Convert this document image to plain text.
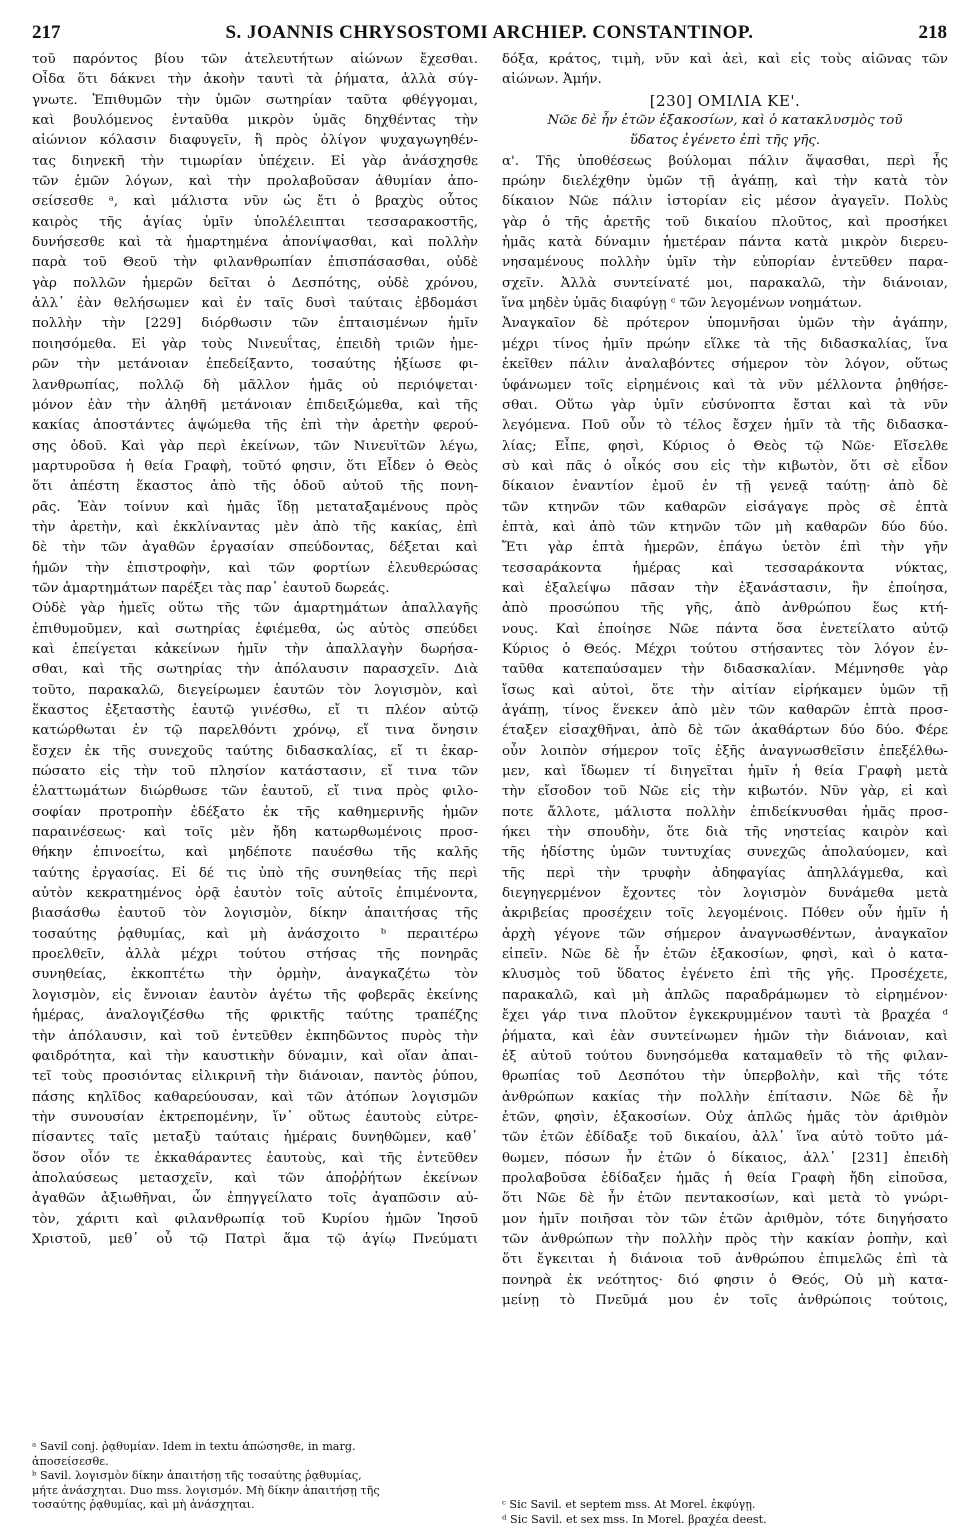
217	S. JOANNIS CHRYSOSTOMI ARCHIEP. CONSTANTINOP.	218

τοῦ παρόντος βίου τῶν ἀτελευτήτων αἰώνων ἔχεσθαι.

Οἶδα ὅτι δάκνει τὴν ἀκοὴν ταυτὶ τὰ ῥήματα, ἀλλὰ σύγ-

γνωτε. Ἐπιθυμῶν τὴν ὑμῶν σωτηρίαν ταῦτα φθέγγομαι,

καὶ βουλόμενος ἐνταῦθα μικρὸν ὑμᾶς δηχθέντας τὴν

αἰώνιον κόλασιν διαφυγεῖν, ἢ πρὸς ὀλίγον ψυχαγωγηθέν-

τας διηνεκῆ τὴν τιμωρίαν ὑπέχειν. Εἰ γὰρ ἀνάσχησθε

τῶν ἐμῶν λόγων, καὶ τὴν προλαβοῦσαν ἀθυμίαν ἀπο-

σείσεσθε ᵃ, καὶ μάλιστα νῦν ὡς ἔτι ὁ βραχὺς οὗτος

καιρὸς τῆς ἁγίας ὑμῖν ὑπολέλειπται τεσσαρακοστῆς,

δυνήσεσθε καὶ τὰ ἡμαρτημένα ἀπονίψασθαι, καὶ πολλὴν

παρὰ τοῦ Θεοῦ τὴν φιλανθρωπίαν ἐπισπάσασθαι, οὐδὲ

γὰρ πολλῶν ἡμερῶν δεῖται ὁ Δεσπότης, οὐδὲ χρόνου,

ἀλλ᾽ ἐὰν θελήσωμεν καὶ ἐν ταῖς δυσὶ ταύταις ἑβδομάσι

πολλὴν τὴν [229] διόρθωσιν τῶν ἐπταισμένων ἡμῖν

ποιησόμεθα. Εἰ γὰρ τοὺς Νινευΐτας, ἐπειδὴ τριῶν ἡμε-

ρῶν τὴν μετάνοιαν ἐπεδείξαντο, τοσαύτης ἠξίωσε φι-

λανθρωπίας, πολλῷ δὴ μᾶλλον ἡμᾶς οὐ περιόψεται·

μόνον ἐὰν τὴν ἀληθῆ μετάνοιαν ἐπιδειξώμεθα, καὶ τῆς

κακίας ἀποστάντες ἁψώμεθα τῆς ἐπὶ τὴν ἀρετὴν φερού-

σης ὁδοῦ. Καὶ γὰρ περὶ ἐκείνων, τῶν Νινευϊτῶν λέγω,

μαρτυροῦσα ἡ θεία Γραφὴ, τοῦτό φησιν, ὅτι Εἶδεν ὁ Θεὸς

ὅτι ἀπέστη ἕκαστος ἀπὸ τῆς ὁδοῦ αὐτοῦ τῆς πονη-

ρᾶς. Ἐὰν τοίνυν καὶ ἡμᾶς ἴδῃ μεταταξαμένους πρὸς

τὴν ἀρετὴν, καὶ ἐκκλίναντας μὲν ἀπὸ τῆς κακίας, ἐπὶ

δὲ τὴν τῶν ἀγαθῶν ἐργασίαν σπεύδοντας, δέξεται καὶ

ἡμῶν τὴν ἐπιστροφὴν, καὶ τῶν φορτίων ἐλευθερώσας

τῶν ἁμαρτημάτων παρέξει τὰς παρ᾽ ἑαυτοῦ δωρεάς.

Οὐδὲ γὰρ ἡμεῖς οὕτω τῆς τῶν ἁμαρτημάτων ἀπαλλαγῆς

ἐπιθυμοῦμεν, καὶ σωτηρίας ἐφιέμεθα, ὡς αὐτὸς σπεύδει

καὶ ἐπείγεται κἀκείνων ἡμῖν τὴν ἀπαλλαγὴν δωρήσα-

σθαι, καὶ τῆς σωτηρίας τὴν ἀπόλαυσιν παρασχεῖν. Διὰ

τοῦτο, παρακαλῶ, διεγείρωμεν ἑαυτῶν τὸν λογισμὸν, καὶ

ἕκαστος ἐξεταστὴς ἑαυτῷ γινέσθω, εἴ τι πλέον αὐτῷ

κατώρθωται ἐν τῷ παρελθόντι χρόνῳ, εἴ τινα ὄνησιν

ἔσχεν ἐκ τῆς συνεχοῦς ταύτης διδασκαλίας, εἴ τι ἐκαρ-

πώσατο εἰς τὴν τοῦ πλησίον κατάστασιν, εἴ τινα τῶν

ἐλαττωμάτων διώρθωσε τῶν ἑαυτοῦ, εἴ τινα πρὸς φιλο-

σοφίαν προτροπὴν ἐδέξατο ἐκ τῆς καθημερινῆς ἡμῶν

παραινέσεως· καὶ τοῖς μὲν ἤδη κατωρθωμένοις προσ-

θήκην ἐπινοείτω, καὶ μηδέποτε παυέσθω τῆς καλῆς

ταύτης ἐργασίας. Εἰ δέ τις ὑπὸ τῆς συνηθείας τῆς περὶ

αὐτὸν κεκρατημένος ὁρᾷ ἑαυτὸν τοῖς αὐτοῖς ἐπιμένοντα,

βιασάσθω ἑαυτοῦ τὸν λογισμὸν, δίκην ἀπαιτήσας τῆς

τοσαύτης ῥᾳθυμίας, καὶ μὴ ἀνάσχοιτο ᵇ περαιτέρω

προελθεῖν, ἀλλὰ μέχρι τούτου στήσας τῆς πονηρᾶς

συνηθείας, ἐκκοπτέτω τὴν ὁρμὴν, ἀναγκαζέτω τὸν

λογισμὸν, εἰς ἔννοιαν ἑαυτὸν ἀγέτω τῆς φοβερᾶς ἐκείνης

ἡμέρας, ἀναλογιζέσθω τῆς φρικτῆς ταύτης τραπέζης

τὴν ἀπόλαυσιν, καὶ τοῦ ἐντεῦθεν ἐκπηδῶντος πυρὸς τὴν

φαιδρότητα, καὶ τὴν καυστικὴν δύναμιν, καὶ οἵαν ἀπαι-

τεῖ τοὺς προσιόντας εἰλικρινῆ τὴν διάνοιαν, παντὸς ῥύπου,

πάσης κηλῖδος καθαρεύουσαν, καὶ τῶν ἀτόπων λογισμῶν

τὴν συνουσίαν ἐκτρεπομένην, ἵν᾽ οὕτως ἑαυτοὺς εὐτρε-

πίσαντες ταῖς μεταξὺ ταύταις ἡμέραις δυνηθῶμεν, καθ᾽

ὅσον οἷόν τε ἐκκαθάραντες ἑαυτοὺς, καὶ τῆς ἐντεῦθεν

ἀπολαύσεως μετασχεῖν, καὶ τῶν ἀποῤῥήτων ἐκείνων

ἀγαθῶν ἀξιωθῆναι, ὧν ἐπηγγείλατο τοῖς ἀγαπῶσιν αὐ-

τὸν, χάριτι καὶ φιλανθρωπίᾳ τοῦ Κυρίου ἡμῶν Ἰησοῦ

Χριστοῦ, μεθ᾽ οὗ τῷ Πατρὶ ἅμα τῷ ἁγίῳ Πνεύματι

δόξα, κράτος, τιμὴ, νῦν καὶ ἀεὶ, καὶ εἰς τοὺς αἰῶνας τῶν

αἰώνων. Ἀμήν.

[230] ΟΜΙΛΙΑ ΚΕ'.

Νῶε δὲ ἦν ἐτῶν ἑξακοσίων, καὶ ὁ κατακλυσμὸς τοῦ

ὕδατος ἐγένετο ἐπὶ τῆς γῆς.

α'. Τῆς ὑποθέσεως βούλομαι πάλιν ἅψασθαι, περὶ ἧς

πρώην διελέχθην ὑμῶν τῇ ἀγάπῃ, καὶ τὴν κατὰ τὸν

δίκαιον Νῶε πάλιν ἱστορίαν εἰς μέσον ἀγαγεῖν. Πολὺς

γὰρ ὁ τῆς ἀρετῆς τοῦ δικαίου πλοῦτος, καὶ προσήκει

ἡμᾶς κατὰ δύναμιν ἡμετέραν πάντα κατὰ μικρὸν διερευ-

νησαμένους πολλὴν ὑμῖν τὴν εὐπορίαν ἐντεῦθεν παρα-

σχεῖν. Ἀλλὰ συντείνατέ μοι, παρακαλῶ, τὴν διάνοιαν,

ἵνα μηδὲν ὑμᾶς διαφύγῃ ᶜ τῶν λεγομένων νοημάτων.

Ἀναγκαῖον δὲ πρότερον ὑπομνῆσαι ὑμῶν τὴν ἀγάπην,

μέχρι τίνος ἡμῖν πρώην εἵλκε τὰ τῆς διδασκαλίας, ἵνα

ἐκεῖθεν πάλιν ἀναλαβόντες σήμερον τὸν λόγον, οὕτως

ὑφάνωμεν τοῖς εἰρημένοις καὶ τὰ νῦν μέλλοντα ῥηθήσε-

σθαι. Οὕτω γὰρ ὑμῖν εὐσύνοπτα ἔσται καὶ τὰ νῦν

λεγόμενα. Ποῦ οὖν τὸ τέλος ἔσχεν ἡμῖν τὰ τῆς διδασκα-

λίας; Εἶπε, φησὶ, Κύριος ὁ Θεὸς τῷ Νῶε· Εἴσελθε

σὺ καὶ πᾶς ὁ οἶκός σου εἰς τὴν κιβωτὸν, ὅτι σὲ εἶδον

δίκαιον ἐναντίον ἐμοῦ ἐν τῇ γενεᾷ ταύτῃ· ἀπὸ δὲ

τῶν κτηνῶν τῶν καθαρῶν εἰσάγαγε πρὸς σὲ ἑπτὰ

ἑπτὰ, καὶ ἀπὸ τῶν κτηνῶν τῶν μὴ καθαρῶν δύο δύο.

Ἔτι γὰρ ἑπτὰ ἡμερῶν, ἐπάγω ὑετὸν ἐπὶ τὴν γῆν

τεσσαράκοντα ἡμέρας καὶ τεσσαράκοντα νύκτας,

καὶ ἐξαλείψω πᾶσαν τὴν ἐξανάστασιν, ἣν ἐποίησα,

ἀπὸ προσώπου τῆς γῆς, ἀπὸ ἀνθρώπου ἕως κτή-

νους. Καὶ ἐποίησε Νῶε πάντα ὅσα ἐνετείλατο αὐτῷ

Κύριος ὁ Θεός. Μέχρι τούτου στήσαντες τὸν λόγον ἐν-

ταῦθα κατεπαύσαμεν τὴν διδασκαλίαν. Μέμνησθε γὰρ

ἴσως καὶ αὐτοὶ, ὅτε τὴν αἰτίαν εἰρήκαμεν ὑμῶν τῇ

ἀγάπῃ, τίνος ἕνεκεν ἀπὸ μὲν τῶν καθαρῶν ἑπτὰ προσ-

έταξεν εἰσαχθῆναι, ἀπὸ δὲ τῶν ἀκαθάρτων δύο δύο. Φέρε

οὖν λοιπὸν σήμερον τοῖς ἑξῆς ἀναγνωσθεῖσιν ἐπεξέλθω-

μεν, καὶ ἴδωμεν τί διηγεῖται ἡμῖν ἡ θεία Γραφὴ μετὰ

τὴν εἴσοδον τοῦ Νῶε εἰς τὴν κιβωτόν. Νῦν γὰρ, εἰ καὶ

ποτε ἄλλοτε, μάλιστα πολλὴν ἐπιδείκνυσθαι ἡμᾶς προσ-

ήκει τὴν σπουδὴν, ὅτε διὰ τῆς νηστείας καιρὸν καὶ

τῆς ἡδίστης ὑμῶν τυντυχίας συνεχῶς ἀπολαύομεν, καὶ

τῆς περὶ τὴν τρυφὴν ἀδηφαγίας ἀπηλλάγμεθα, καὶ

διεγηγερμένον ἔχοντες τὸν λογισμὸν δυνάμεθα μετὰ

ἀκριβείας προσέχειν τοῖς λεγομένοις. Πόθεν οὖν ἡμῖν ἡ

ἀρχὴ γέγονε τῶν σήμερον ἀναγνωσθέντων, ἀναγκαῖον

εἰπεῖν. Νῶε δὲ ἦν ἐτῶν ἑξακοσίων, φησὶ, καὶ ὁ κατα-

κλυσμὸς τοῦ ὕδατος ἐγένετο ἐπὶ τῆς γῆς. Προσέχετε,

παρακαλῶ, καὶ μὴ ἁπλῶς παραδράμωμεν τὸ εἰρημένον·

ἔχει γάρ τινα πλοῦτον ἐγκεκρυμμένον ταυτὶ τὰ βραχέα ᵈ

ῥήματα, καὶ ἐὰν συντείνωμεν ἡμῶν τὴν διάνοιαν, καὶ

ἐξ αὐτοῦ τούτου δυνησόμεθα καταμαθεῖν τὸ τῆς φιλαν-

θρωπίας τοῦ Δεσπότου τὴν ὑπερβολὴν, καὶ τῆς τότε

ἀνθρώπων κακίας τὴν πολλὴν ἐπίτασιν. Νῶε δὲ ἦν

ἐτῶν, φησὶν, ἑξακοσίων. Οὐχ ἁπλῶς ἡμᾶς τὸν ἀριθμὸν

τῶν ἐτῶν ἐδίδαξε τοῦ δικαίου, ἀλλ᾽ ἵνα αὐτὸ τοῦτο μά-

θωμεν, πόσων ἦν ἐτῶν ὁ δίκαιος, ἀλλ᾽ [231] ἐπειδὴ

προλαβοῦσα ἐδίδαξεν ἡμᾶς ἡ θεία Γραφὴ ἤδη εἰποῦσα,

ὅτι Νῶε δὲ ἦν ἐτῶν πεντακοσίων, καὶ μετὰ τὸ γνώρι-

μον ἡμῖν ποιῆσαι τὸν τῶν ἐτῶν ἀριθμὸν, τότε διηγήσατο

τῶν ἀνθρώπων τὴν πολλὴν πρὸς τὴν κακίαν ῥοπὴν, καὶ

ὅτι ἔγκειται ἡ διάνοια τοῦ ἀνθρώπου ἐπιμελῶς ἐπὶ τὰ

πονηρὰ ἐκ νεότητος· διό φησιν ὁ Θεός, Οὐ μὴ κατα-

μείνῃ τὸ Πνεῦμά μου ἐν τοῖς ἀνθρώποις τούτοις,

ᵃ Savil conj. ῥᾳθυμίαν. Idem in textu ἀπώσησθε, in marg.
ἀποσείσεσθε.
ᵇ Savil. λογισμὸν δίκην ἀπαιτήσῃ τῆς τοσαύτης ῥᾳθυμίας,
μήτε ἀνάσχηται. Duo mss. λογισμόν. Μὴ δίκην ἀπαιτήσῃ τῆς
τοσαύτης ῥᾳθυμίας, καὶ μὴ ἀνάσχηται.	ᶜ Sic Savil. et septem mss. At Morel. ἐκφύγῃ.
ᵈ Sic Savil. et sex mss. In Morel. βραχέα deest.
